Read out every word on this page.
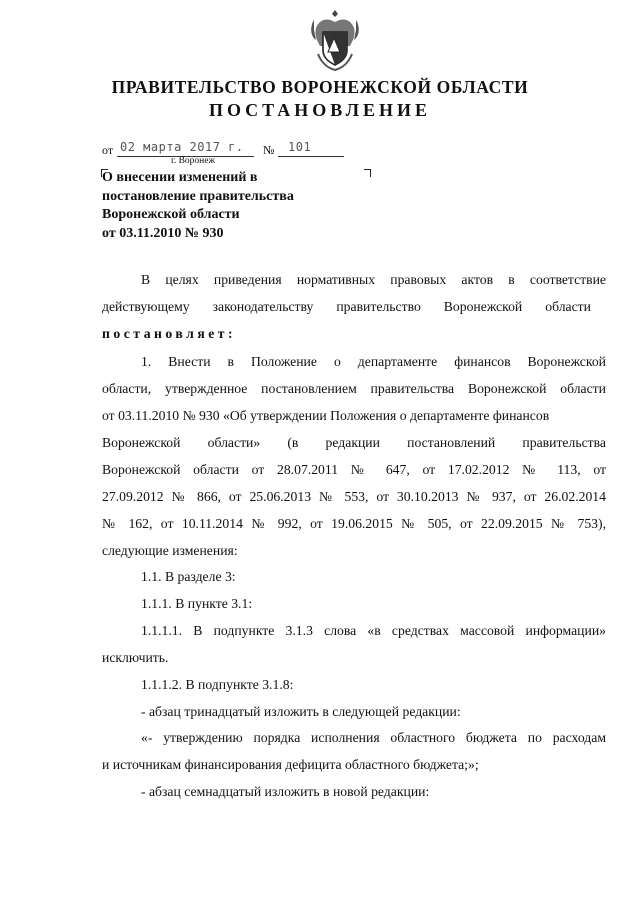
ПРАВИТЕЛЬСТВО ВОРОНЕЖСКОЙ ОБЛАСТИ
ПОСТАНОВЛЕНИЕ
от 02 марта 2017 г. № 101
г. Воронеж
О внесении изменений в
постановление правительства
Воронежской области
от 03.11.2010 № 930
В целях приведения нормативных правовых актов в соответствие
действующему законодательству правительство Воронежской области
постановляет:
1. Внести в Положение о департаменте финансов Воронежской
области, утвержденное постановлением правительства Воронежской области
от 03.11.2010 № 930 «Об утверждении Положения о департаменте финансов
Воронежской области» (в редакции постановлений правительства
Воронежской области от 28.07.2011 № 647, от 17.02.2012 № 113, от
27.09.2012 № 866, от 25.06.2013 № 553, от 30.10.2013 № 937, от 26.02.2014
№ 162, от 10.11.2014 № 992, от 19.06.2015 № 505, от 22.09.2015 № 753),
следующие изменения:
1.1. В разделе 3:
1.1.1. В пункте 3.1:
1.1.1.1. В подпункте 3.1.3 слова «в средствах массовой информации»
исключить.
1.1.1.2. В подпункте 3.1.8:
- абзац тринадцатый изложить в следующей редакции:
«- утверждению порядка исполнения областного бюджета по расходам
и источникам финансирования дефицита областного бюджета;»;
- абзац семнадцатый изложить в новой редакции:
